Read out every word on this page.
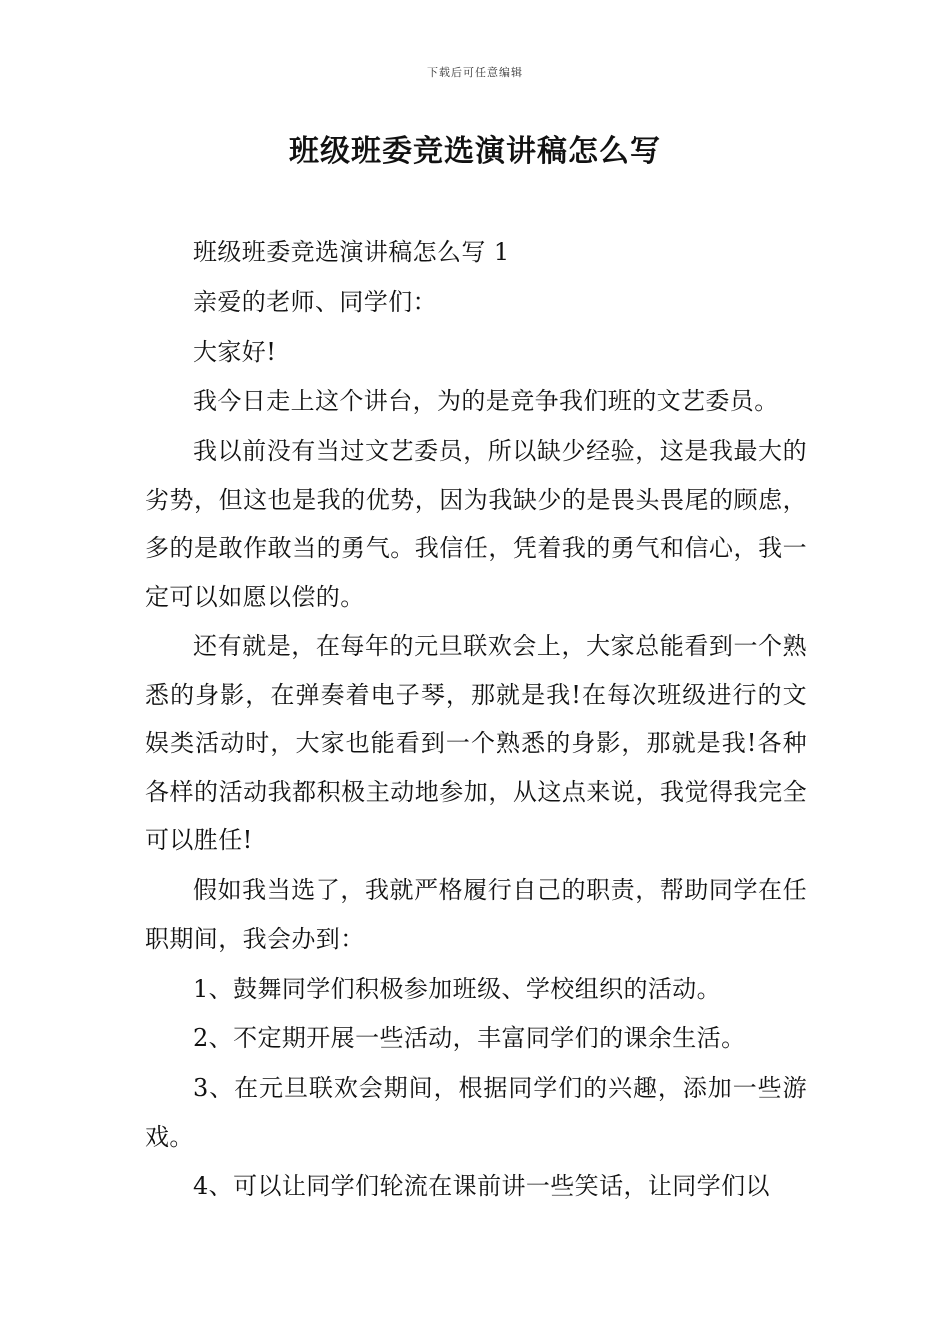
下载后可任意编辑
班级班委竞选演讲稿怎么写

班级班委竞选演讲稿怎么写 1

亲爱的老师、同学们：

大家好!

我今日走上这个讲台，为的是竞争我们班的文艺委员。

我以前没有当过文艺委员，所以缺少经验，这是我最大的劣势，但这也是我的优势，因为我缺少的是畏头畏尾的顾虑，多的是敢作敢当的勇气。我信任，凭着我的勇气和信心，我一定可以如愿以偿的。

还有就是，在每年的元旦联欢会上，大家总能看到一个熟悉的身影，在弹奏着电子琴，那就是我!在每次班级进行的文娱类活动时，大家也能看到一个熟悉的身影，那就是我!各种各样的活动我都积极主动地参加，从这点来说，我觉得我完全可以胜任!

假如我当选了，我就严格履行自己的职责，帮助同学在任职期间，我会办到：

1、鼓舞同学们积极参加班级、学校组织的活动。

2、不定期开展一些活动，丰富同学们的课余生活。

3、在元旦联欢会期间，根据同学们的兴趣，添加一些游戏。

4、可以让同学们轮流在课前讲一些笑话，让同学们以
